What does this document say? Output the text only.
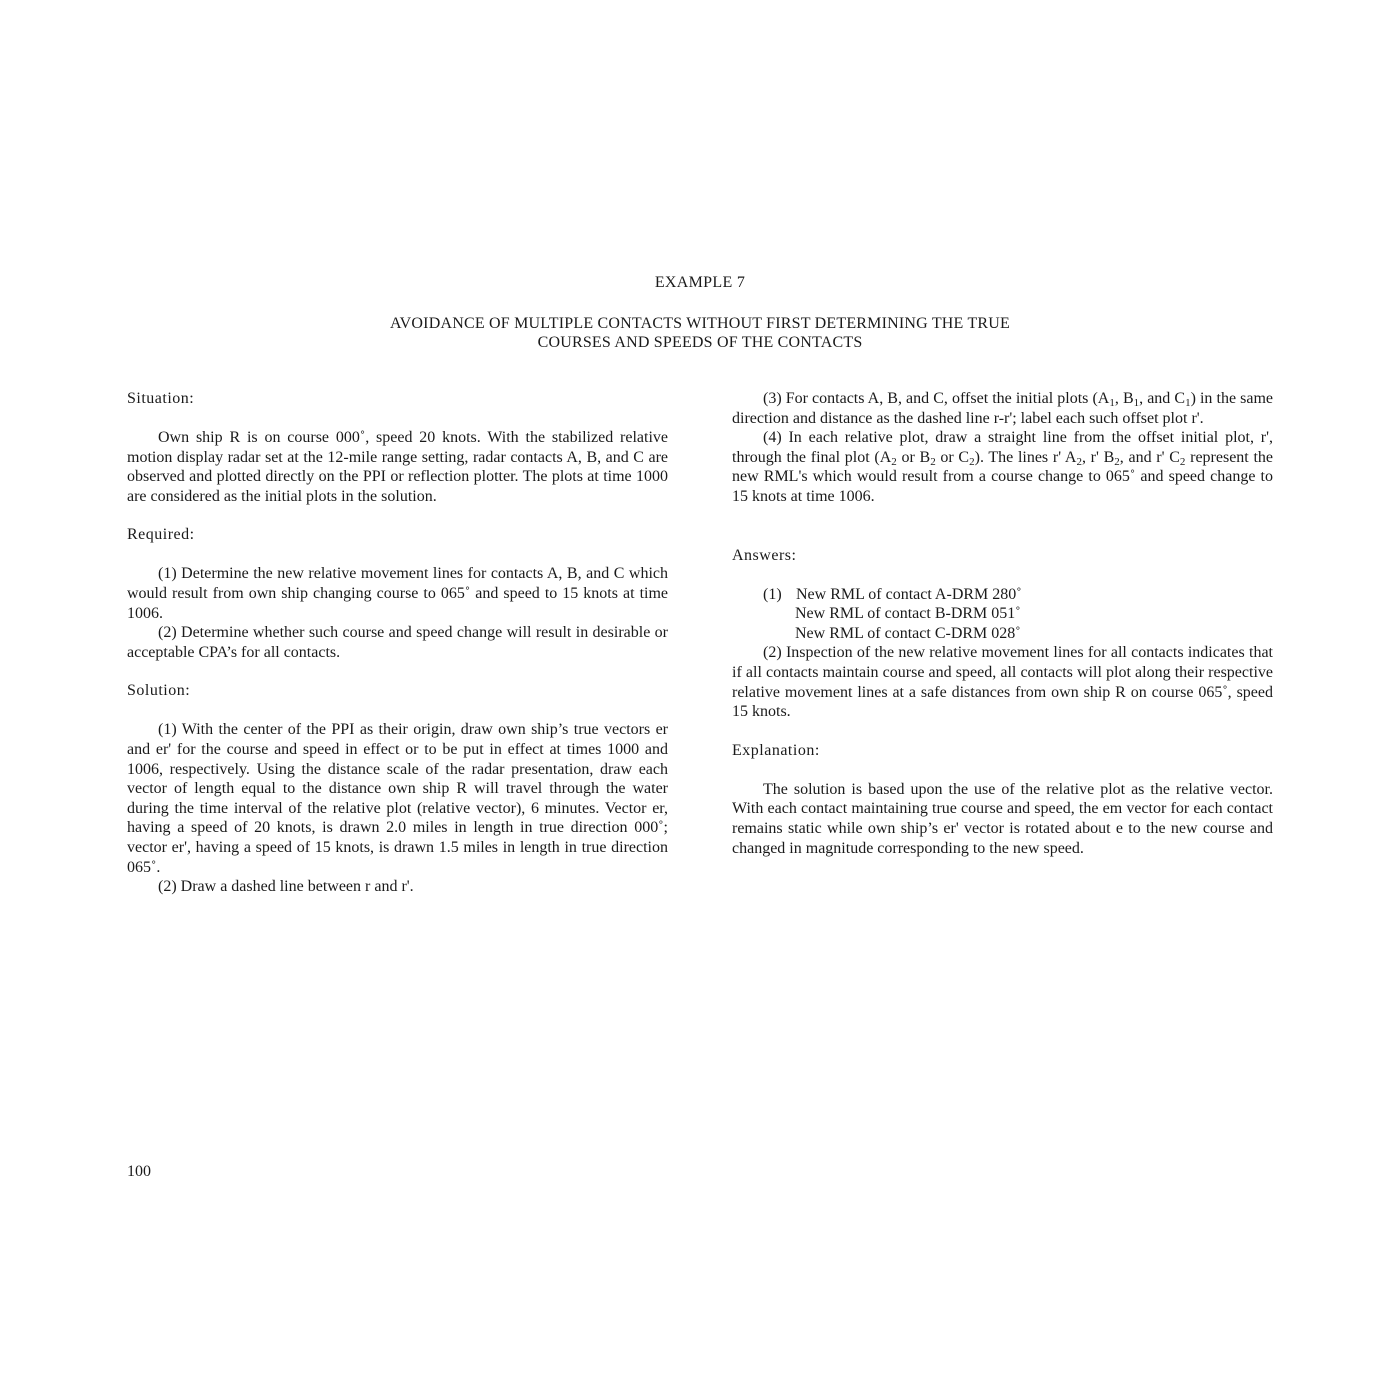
EXAMPLE 7
AVOIDANCE OF MULTIPLE CONTACTS WITHOUT FIRST DETERMINING THE TRUE
COURSES AND SPEEDS OF THE CONTACTS
Situation:

Own ship R is on course 000˚, speed 20 knots. With the stabilized relative motion display radar set at the 12-mile range setting, radar contacts A, B, and C are observed and plotted directly on the PPI or reflection plotter. The plots at time 1000 are considered as the initial plots in the solution.

Required:

(1) Determine the new relative movement lines for contacts A, B, and C which would result from own ship changing course to 065˚ and speed to 15 knots at time 1006.

(2) Determine whether such course and speed change will result in desirable or acceptable CPA’s for all contacts.

Solution:

(1) With the center of the PPI as their origin, draw own ship’s true vectors er and er' for the course and speed in effect or to be put in effect at times 1000 and 1006, respectively. Using the distance scale of the radar presentation, draw each vector of length equal to the distance own ship R will travel through the water during the time interval of the relative plot (relative vector), 6 minutes. Vector er, having a speed of 20 knots, is drawn 2.0 miles in length in true direction 000˚; vector er', having a speed of 15 knots, is drawn 1.5 miles in length in true direction 065˚.

(2) Draw a dashed line between r and r'.

(3) For contacts A, B, and C, offset the initial plots ($A_1$, $B_1$, and $C_1$) in the same direction and distance as the dashed line r-r'; label each such offset plot r'.

(4) In each relative plot, draw a straight line from the offset initial plot, r', through the final plot ($A_2$ or $B_2$ or $C_2$). The lines r' $A_2$, r' $B_2$, and r' $C_2$ represent the new RML's which would result from a course change to 065˚ and speed change to 15 knots at time 1006.

Answers:
(1) New RML of contact A-DRM 280˚
New RML of contact B-DRM 051˚
New RML of contact C-DRM 028˚

(2) Inspection of the new relative movement lines for all contacts indicates that if all contacts maintain course and speed, all contacts will plot along their respective relative movement lines at a safe distances from own ship R on course 065˚, speed 15 knots.

Explanation:

The solution is based upon the use of the relative plot as the relative vector. With each contact maintaining true course and speed, the em vector for each contact remains static while own ship’s er' vector is rotated about e to the new course and changed in magnitude corresponding to the new speed.

100
